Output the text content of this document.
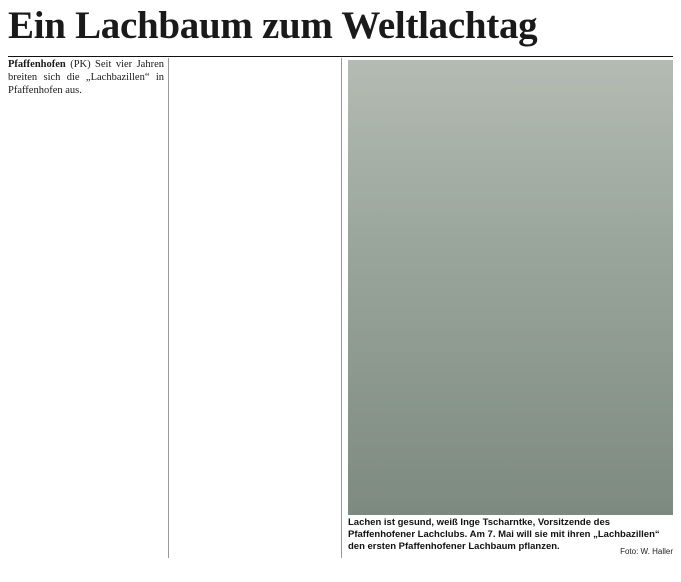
Ein Lachbaum zum Weltlachtag

Pfaffenhofen (PK) Seit vier Jahren breiten sich die „Lachbazillen“ in Pfaffenhofen aus.

Lachen ist gesund, weiß Inge Tscharntke, Vorsitzende des Pfaffenhofener Lachclubs. Am 7. Mai will sie mit ihren „Lachbazillen“ den ersten Pfaffenhofener Lachbaum pflanzen.	Foto: W. Haller
